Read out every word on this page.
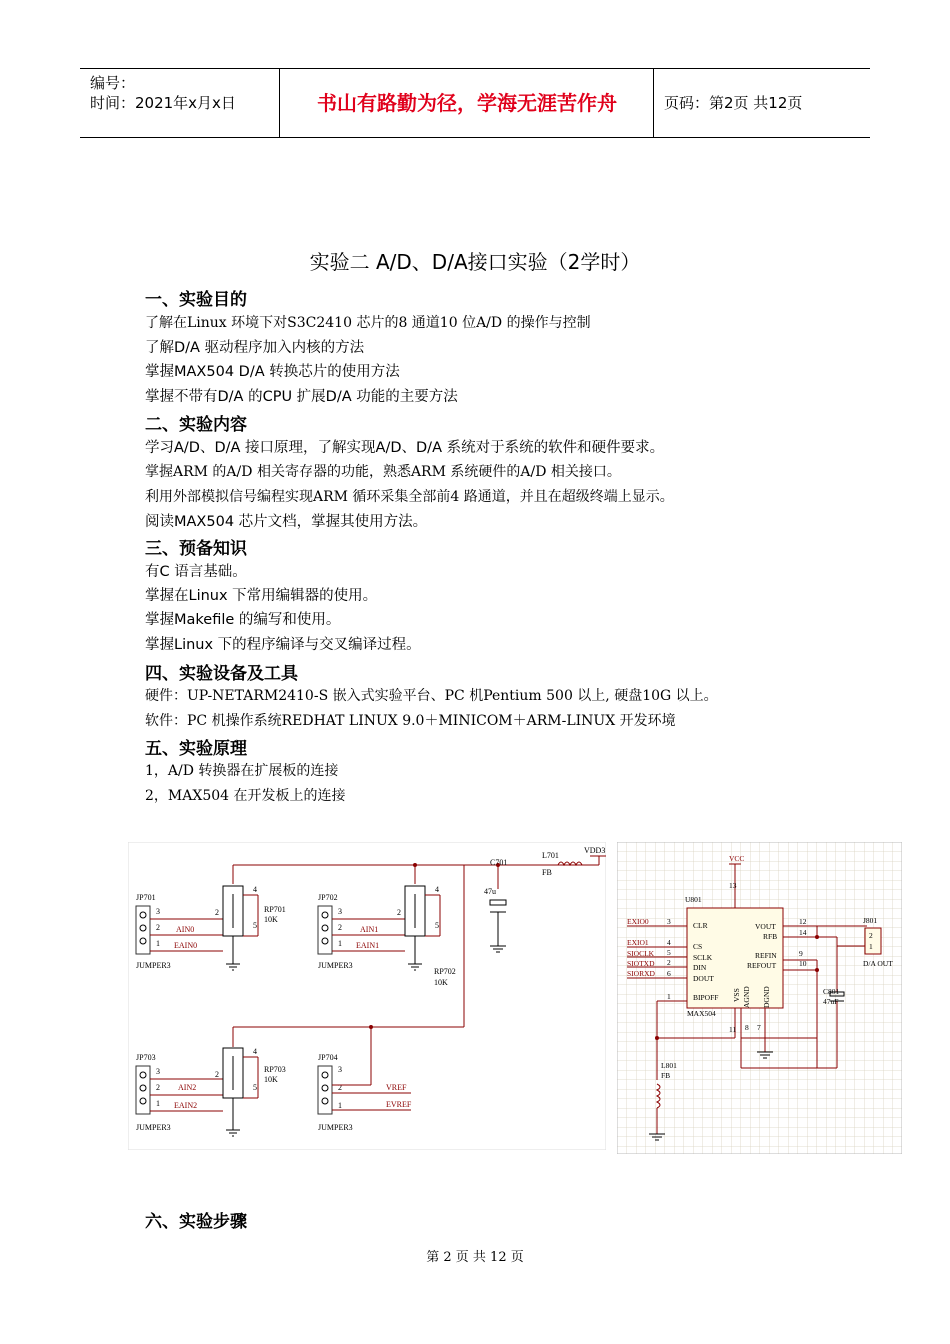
编号：
时间：2021年x月x日	书山有路勤为径，学海无涯苦作舟	页码：第2页 共12页
实验二 A/D、D/A接口实验（2学时）
一、实验目的
了解在Linux 环境下对S3C2410 芯片的8 通道10 位A/D 的操作与控制
了解D/A 驱动程序加入内核的方法
掌握MAX504 D/A 转换芯片的使用方法
掌握不带有D/A 的CPU 扩展D/A 功能的主要方法
二、实验内容
学习A/D、D/A 接口原理，了解实现A/D、D/A 系统对于系统的软件和硬件要求。
掌握ARM 的A/D 相关寄存器的功能，熟悉ARM 系统硬件的A/D 相关接口。
利用外部模拟信号编程实现ARM 循环采集全部前4 路通道，并且在超级终端上显示。
阅读MAX504 芯片文档，掌握其使用方法。
三、预备知识
有C 语言基础。
掌握在Linux 下常用编辑器的使用。
掌握Makefile 的编写和使用。
掌握Linux 下的程序编译与交叉编译过程。
四、实验设备及工具
硬件：UP-NETARM2410-S 嵌入式实验平台、PC 机Pentium 500 以上, 硬盘10G 以上。
软件：PC 机操作系统REDHAT LINUX 9.0＋MINICOM＋ARM-LINUX 开发环境
五、实验原理
1，A/D 转换器在扩展板的连接
2，MAX504 在开发板上的连接
VDD3
L701
FB
C701
47u
JP701
3
2
1
AIN0
EAIN0
JUMPER3
2
4
5
RP701
10K
JP702
3
2
1
AIN1
EAIN1
JUMPER3
2
4
5
RP702
10K
JP703
3
2
1
AIN2
EAIN2
JUMPER3
2
4
5
RP703
10K
JP704
3
2
1
VREF
EVREF
JUMPER3
VCC
13
U801
MAX504
CLR
CS
SCLK
DIN
DOUT
BIPOFF
VOUT
RFB
REFIN
REFOUT
VSS AGND DGND
EXIO0
EXIO1
SIOCLK
SIOTXD
SIORXD
3
4
5
2
6
1
11
L801
FB
8 7
12
14
9
10
C801
47uF
J801
2
1
D/A OUT
六、实验步骤
第 2 页 共 12 页
